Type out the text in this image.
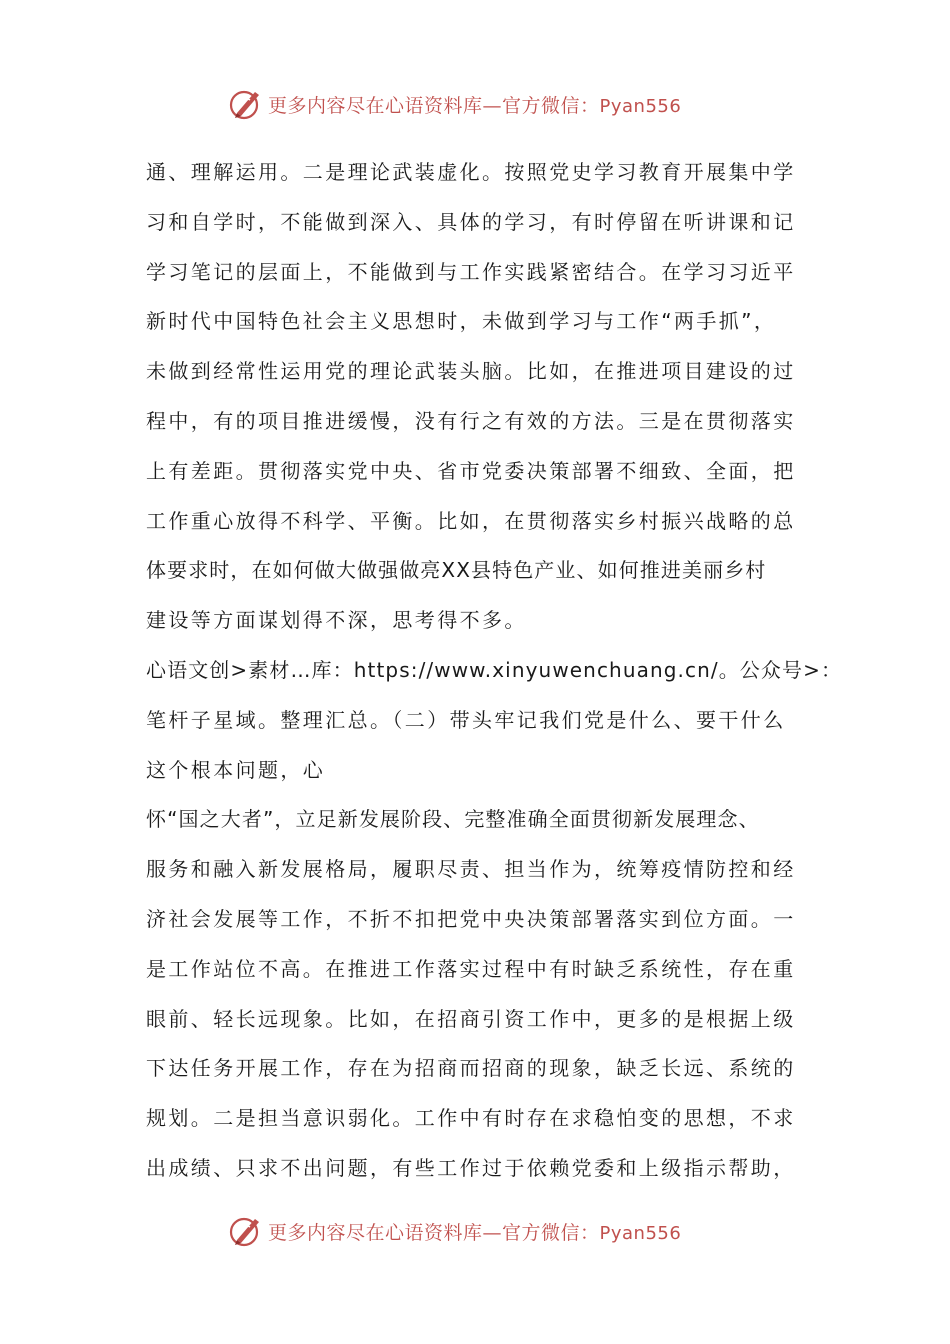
更多内容尽在心语资料库—官方微信：Pyan556
通、理解运用。二是理论武装虚化。按照党史学习教育开展集中学
习和自学时，不能做到深入、具体的学习，有时停留在听讲课和记
学习笔记的层面上，不能做到与工作实践紧密结合。在学习习近平
新时代中国特色社会主义思想时，未做到学习与工作“两手抓”，
未做到经常性运用党的理论武装头脑。比如，在推进项目建设的过
程中，有的项目推进缓慢，没有行之有效的方法。三是在贯彻落实
上有差距。贯彻落实党中央、省市党委决策部署不细致、全面，把
工作重心放得不科学、平衡。比如，在贯彻落实乡村振兴战略的总
体要求时，在如何做大做强做亮XX县特色产业、如何推进美丽乡村
建设等方面谋划得不深，思考得不多。
心语文创>素材…库：https://www.xinyuwenchuang.cn/。公众号>：
笔杆子星域。整理汇总。（二）带头牢记我们党是什么、要干什么
这个根本问题，心
怀“国之大者”，立足新发展阶段、完整准确全面贯彻新发展理念、
服务和融入新发展格局，履职尽责、担当作为，统筹疫情防控和经
济社会发展等工作，不折不扣把党中央决策部署落实到位方面。一
是工作站位不高。在推进工作落实过程中有时缺乏系统性，存在重
眼前、轻长远现象。比如，在招商引资工作中，更多的是根据上级
下达任务开展工作，存在为招商而招商的现象，缺乏长远、系统的
规划。二是担当意识弱化。工作中有时存在求稳怕变的思想，不求
出成绩、只求不出问题，有些工作过于依赖党委和上级指示帮助，
更多内容尽在心语资料库—官方微信：Pyan556
